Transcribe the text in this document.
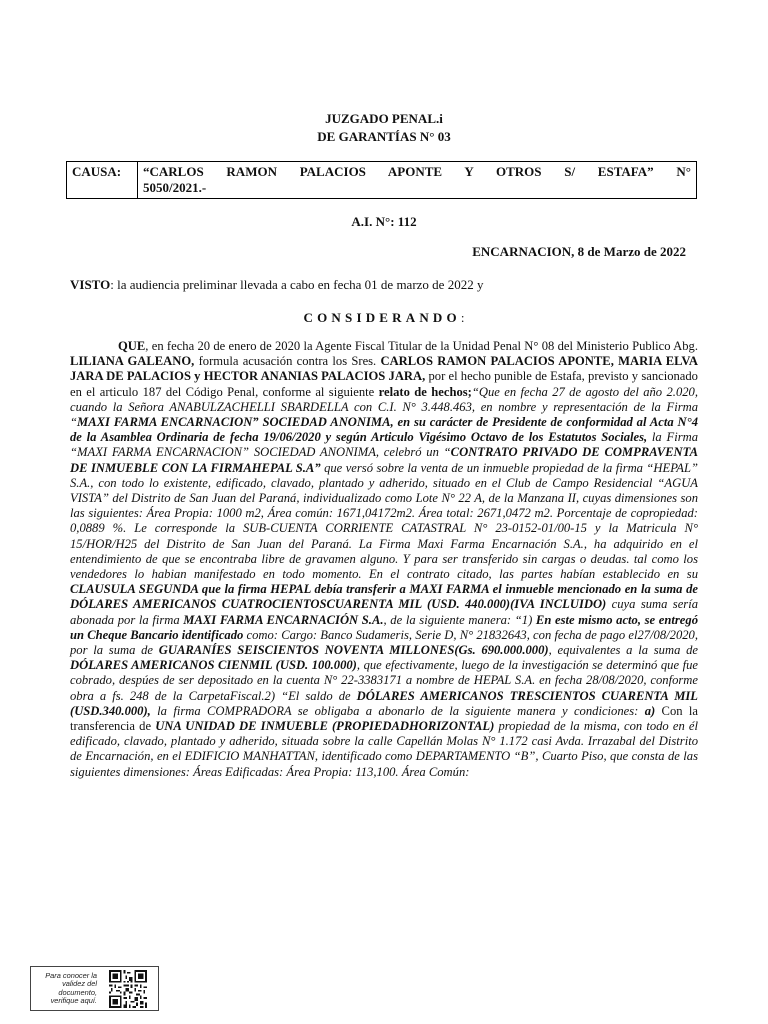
JUZGADO PENAL.i
DE GARANTÍAS N° 03
CAUSA:	“CARLOS RAMON PALACIOS APONTE Y OTROS S/ ESTAFA” N°
5050/2021.-
A.I. N°: 112
ENCARNACION, 8 de Marzo de 2022
VISTO: la audiencia preliminar llevada a cabo en fecha 01 de marzo de 2022 y
CONSIDERANDO:
QUE, en fecha 20 de enero de 2020 la Agente Fiscal Titular de la Unidad Penal N° 08 del Ministerio Publico Abg. LILIANA GALEANO, formula acusación contra los Sres. CARLOS RAMON PALACIOS APONTE, MARIA ELVA JARA DE PALACIOS y HECTOR ANANIAS PALACIOS JARA, por el hecho punible de Estafa, previsto y sancionado en el articulo 187 del Código Penal, conforme al siguiente relato de hechos;“Que en fecha 27 de agosto del año 2.020, cuando la Señora ANABULZACHELLI SBARDELLA con C.I. N° 3.448.463, en nombre y representación de la Firma “MAXI FARMA ENCARNACION” SOCIEDAD ANONIMA, en su carácter de Presidente de conformidad al Acta N°4 de la Asamblea Ordinaria de fecha 19/06/2020 y según Articulo Vigésimo Octavo de los Estatutos Sociales, la Firma “MAXI FARMA ENCARNACION” SOCIEDAD ANONIMA, celebró un “CONTRATO PRIVADO DE COMPRAVENTA DE INMUEBLE CON LA FIRMAHEPAL S.A” que versó sobre la venta de un inmueble propiedad de la firma “HEPAL” S.A., con todo lo existente, edificado, clavado, plantado y adherido, situado en el Club de Campo Residencial “AGUA VISTA” del Distrito de San Juan del Paraná, individualizado como Lote N° 22 A, de la Manzana II, cuyas dimensiones son las siguientes: Área Propia: 1000 m2, Área común: 1671,04172m2. Área total: 2671,0472 m2. Porcentaje de copropiedad: 0,0889 %. Le corresponde la SUB-CUENTA CORRIENTE CATASTRAL N° 23-0152-01/00-15 y la Matricula N° 15/HOR/H25 del Distrito de San Juan del Paraná. La Firma Maxi Farma Encarnación S.A., ha adquirido en el entendimiento de que se encontraba libre de gravamen alguno. Y para ser transferido sin cargas o deudas. tal como los vendedores lo habian manifestado en todo momento. En el contrato citado, las partes habían establecido en su CLAUSULA SEGUNDA que la firma HEPAL debía transferir a MAXI FARMA el inmueble mencionado en la suma de DÓLARES AMERICANOS CUATROCIENTOSCUARENTA MIL (USD. 440.000)(IVA INCLUIDO) cuya suma sería abonada por la firma MAXI FARMA ENCARNACIÓN S.A., de la siguiente manera: “1) En este mismo acto, se entregó un Cheque Bancario identificado como: Cargo: Banco Sudameris, Serie D, N° 21832643, con fecha de pago el27/08/2020, por la suma de GUARANÍES SEISCIENTOS NOVENTA MILLONES(Gs. 690.000.000), equivalentes a la suma de DÓLARES AMERICANOS CIENMIL (USD. 100.000), que efectivamente, luego de la investigación se determinó que fue cobrado, despúes de ser depositado en la cuenta N° 22-3383171 a nombre de HEPAL S.A. en fecha 28/08/2020, conforme obra a fs. 248 de la CarpetaFiscal.2) “El saldo de DÓLARES AMERICANOS TRESCIENTOS CUARENTA MIL (USD.340.000), la firma COMPRADORA se obligaba a abonarlo de la siguiente manera y condiciones: a) Con la transferencia de UNA UNIDAD DE INMUEBLE (PROPIEDADHORIZONTAL) propiedad de la misma, con todo en él edificado, clavado, plantado y adherido, situada sobre la calle Capellán Molas N° 1.172 casi Avda. Irrazabal del Distrito de Encarnación, en el EDIFICIO MANHATTAN, identificado como DEPARTAMENTO “B”, Cuarto Piso, que consta de las siguientes dimensiones: Áreas Edificadas: Área Propia: 113,100. Área Común:
Para conocer la validez del documento, verifique aquí.
